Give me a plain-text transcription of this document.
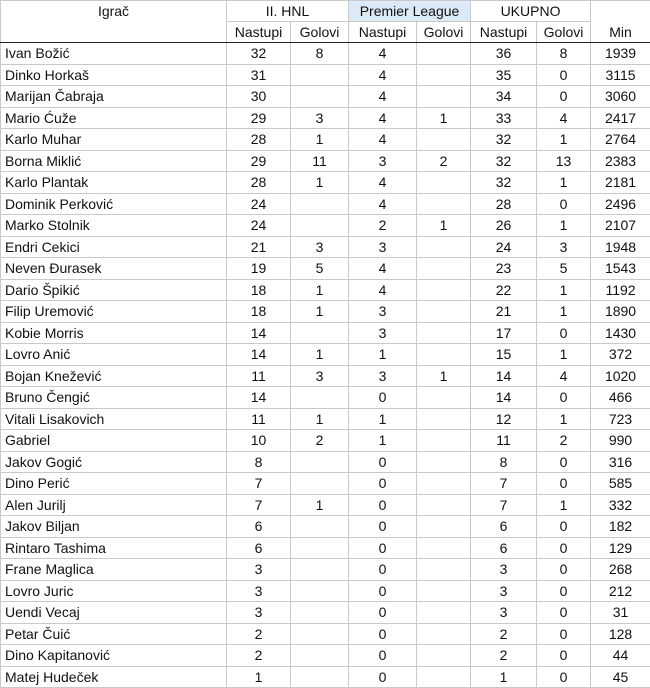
Igrač	II. HNL		Premier League		UKUPNO		Min
	Nastupi	Golovi	Nastupi	Golovi	Nastupi	Golovi	
Ivan Božić	32	8	4		36	8	1939
Dinko Horkaš	31		4		35	0	3115
Marijan Čabraja	30		4		34	0	3060
Mario Ćuže	29	3	4	1	33	4	2417
Karlo Muhar	28	1	4		32	1	2764
Borna Miklić	29	11	3	2	32	13	2383
Karlo Plantak	28	1	4		32	1	2181
Dominik Perković	24		4		28	0	2496
Marko Stolnik	24		2	1	26	1	2107
Endri Cekici	21	3	3		24	3	1948
Neven Đurasek	19	5	4		23	5	1543
Dario Špikić	18	1	4		22	1	1192
Filip Uremović	18	1	3		21	1	1890
Kobie Morris	14		3		17	0	1430
Lovro Anić	14	1	1		15	1	372
Bojan Knežević	11	3	3	1	14	4	1020
Bruno Čengić	14		0		14	0	466
Vitali Lisakovich	11	1	1		12	1	723
Gabriel	10	2	1		11	2	990
Jakov Gogić	8		0		8	0	316
Dino Perić	7		0		7	0	585
Alen Jurilj	7	1	0		7	1	332
Jakov Biljan	6		0		6	0	182
Rintaro Tashima	6		0		6	0	129
Frane Maglica	3		0		3	0	268
Lovro Juric	3		0		3	0	212
Uendi Vecaj	3		0		3	0	31
Petar Čuić	2		0		2	0	128
Dino Kapitanović	2		0		2	0	44
Matej Hudeček	1		0		1	0	45
